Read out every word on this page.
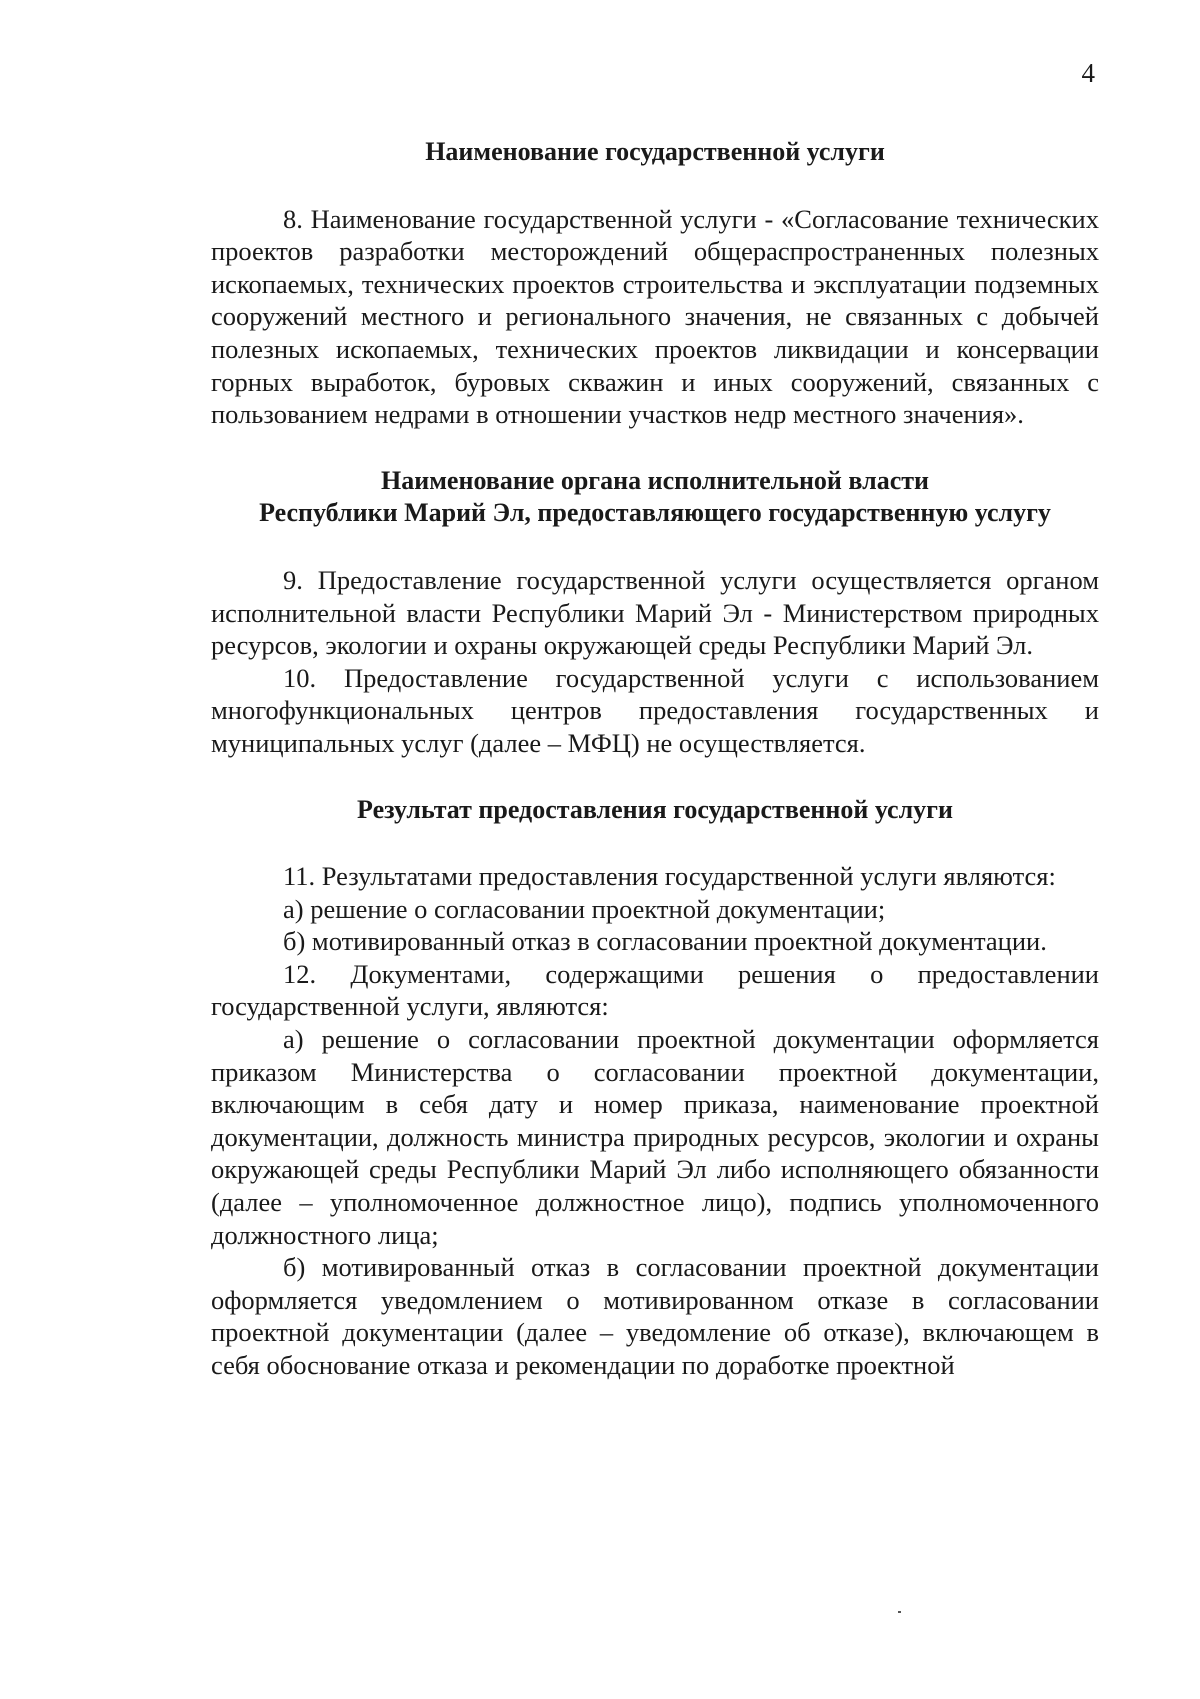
4
Наименование государственной услуги

8. Наименование государственной услуги - «Согласование технических проектов разработки месторождений общераспространенных полезных ископаемых, технических проектов строительства и эксплуатации подземных сооружений местного и регионального значения, не связанных с добычей полезных ископаемых, технических проектов ликвидации и консервации горных выработок, буровых скважин и иных сооружений, связанных с пользованием недрами в отношении участков недр местного значения».

Наименование органа исполнительной власти
Республики Марий Эл, предоставляющего государственную услугу

9. Предоставление государственной услуги осуществляется органом исполнительной власти Республики Марий Эл - Министерством природных ресурсов, экологии и охраны окружающей среды Республики Марий Эл.

10. Предоставление государственной услуги с использованием многофункциональных центров предоставления государственных и муниципальных услуг (далее – МФЦ) не осуществляется.

Результат предоставления государственной услуги

11. Результатами предоставления государственной услуги являются:

а) решение о согласовании проектной документации;

б) мотивированный отказ в согласовании проектной документации.

12. Документами, содержащими решения о предоставлении государственной услуги, являются:

а) решение о согласовании проектной документации оформляется приказом Министерства о согласовании проектной документации, включающим в себя дату и номер приказа, наименование проектной документации, должность министра природных ресурсов, экологии и охраны окружающей среды Республики Марий Эл либо исполняющего обязанности (далее – уполномоченное должностное лицо), подпись уполномоченного должностного лица;

б) мотивированный отказ в согласовании проектной документации оформляется уведомлением о мотивированном отказе в согласовании проектной документации (далее – уведомление об отказе), включающем в себя обоснование отказа и рекомендации по доработке проектной
